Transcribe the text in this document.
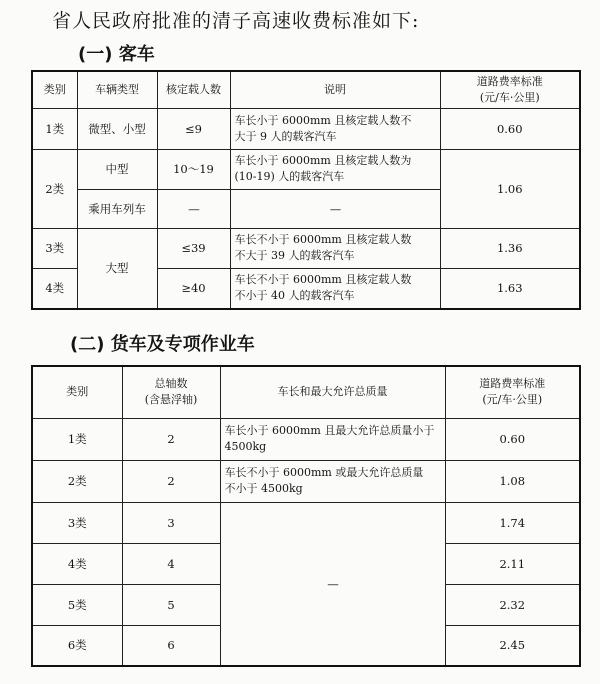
省人民政府批准的清子高速收费标准如下:
(一) 客车
类别	车辆类型	核定载人数	说明	道路费率标准
(元/车·公里)
1类	微型、小型	≤9	车长小于 6000mm 且核定载人数不
大于 9 人的载客汽车	0.60
2类	中型	10～19	车长小于 6000mm 且核定载人数为
(10-19) 人的载客汽车	1.06
	乘用车列车	—	—	
3类	大型	≤39	车长不小于 6000mm 且核定载人数
不大于 39 人的载客汽车	1.36
4类		≥40	车长不小于 6000mm 且核定载人数
不小于 40 人的载客汽车	1.63
(二) 货车及专项作业车
类别	总轴数
(含悬浮轴)	车长和最大允许总质量	道路费率标准
(元/车·公里)
1类	2	车长小于 6000mm 且最大允许总质量小于
4500kg	0.60
2类	2	车长不小于 6000mm 或最大允许总质量
不小于 4500kg	1.08
3类	3	—	1.74
4类	4		2.11
5类	5		2.32
6类	6		2.45
